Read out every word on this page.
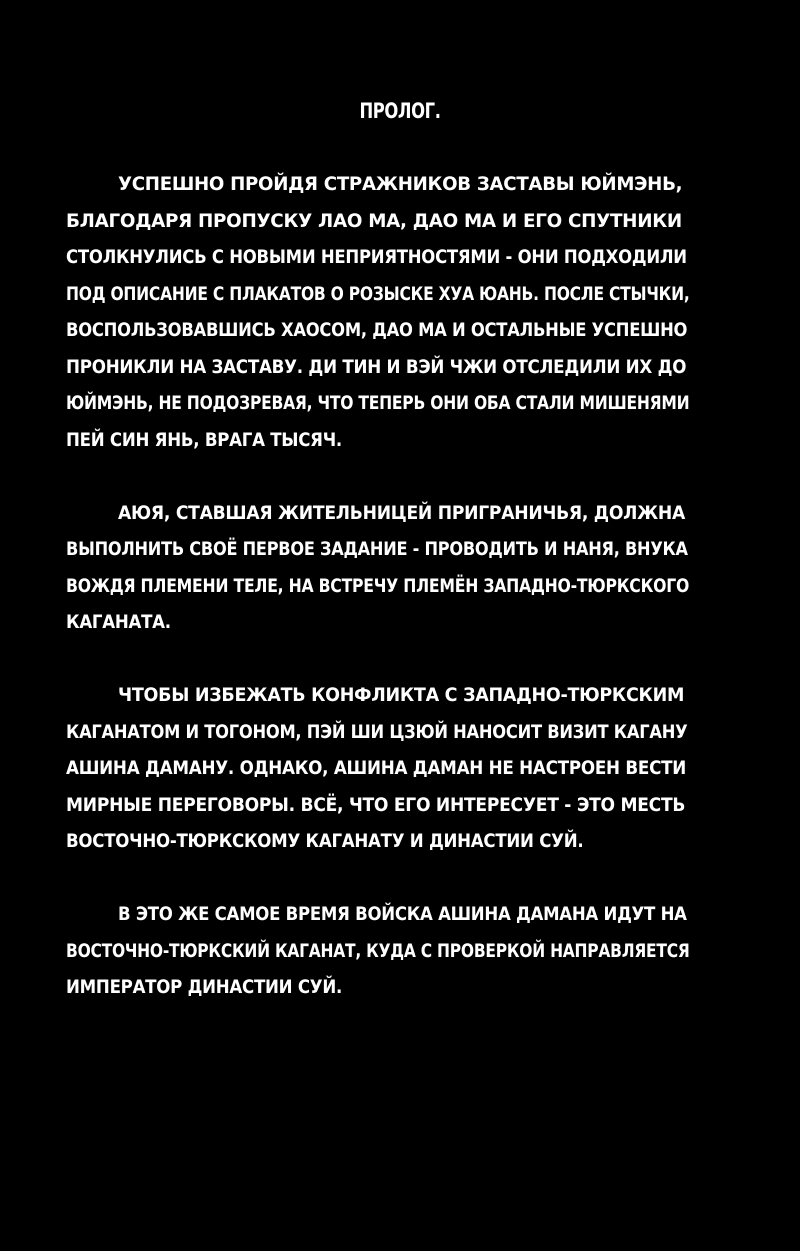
ПРОЛОГ.
УСПЕШНО ПРОЙДЯ СТРАЖНИКОВ ЗАСТАВЫ ЮЙМЭНЬ,
БЛАГОДАРЯ ПРОПУСКУ ЛАО МА, ДАО МА И ЕГО СПУТНИКИ
СТОЛКНУЛИСЬ С НОВЫМИ НЕПРИЯТНОСТЯМИ - ОНИ ПОДХОДИЛИ
ПОД ОПИСАНИЕ С ПЛАКАТОВ О РОЗЫСКЕ ХУА ЮАНЬ. ПОСЛЕ СТЫЧКИ,
ВОСПОЛЬЗОВАВШИСЬ ХАОСОМ, ДАО МА И ОСТАЛЬНЫЕ УСПЕШНО
ПРОНИКЛИ НА ЗАСТАВУ. ДИ ТИН И ВЭЙ ЧЖИ ОТСЛЕДИЛИ ИХ ДО
ЮЙМЭНЬ, НЕ ПОДОЗРЕВАЯ, ЧТО ТЕПЕРЬ ОНИ ОБА СТАЛИ МИШЕНЯМИ
ПЕЙ СИН ЯНЬ, ВРАГА ТЫСЯЧ.
АЮЯ, СТАВШАЯ ЖИТЕЛЬНИЦЕЙ ПРИГРАНИЧЬЯ, ДОЛЖНА
ВЫПОЛНИТЬ СВОЁ ПЕРВОЕ ЗАДАНИЕ - ПРОВОДИТЬ И НАНЯ, ВНУКА
ВОЖДЯ ПЛЕМЕНИ ТЕЛЕ, НА ВСТРЕЧУ ПЛЕМЁН ЗАПАДНО-ТЮРКСКОГО
КАГАНАТА.
ЧТОБЫ ИЗБЕЖАТЬ КОНФЛИКТА С ЗАПАДНО-ТЮРКСКИМ
КАГАНАТОМ И ТОГОНОМ, ПЭЙ ШИ ЦЗЮЙ НАНОСИТ ВИЗИТ КАГАНУ
АШИНА ДАМАНУ. ОДНАКО, АШИНА ДАМАН НЕ НАСТРОЕН ВЕСТИ
МИРНЫЕ ПЕРЕГОВОРЫ. ВСЁ, ЧТО ЕГО ИНТЕРЕСУЕТ - ЭТО МЕСТЬ
ВОСТОЧНО-ТЮРКСКОМУ КАГАНАТУ И ДИНАСТИИ СУЙ.
В ЭТО ЖЕ САМОЕ ВРЕМЯ ВОЙСКА АШИНА ДАМАНА ИДУТ НА
ВОСТОЧНО-ТЮРКСКИЙ КАГАНАТ, КУДА С ПРОВЕРКОЙ НАПРАВЛЯЕТСЯ
ИМПЕРАТОР ДИНАСТИИ СУЙ.
